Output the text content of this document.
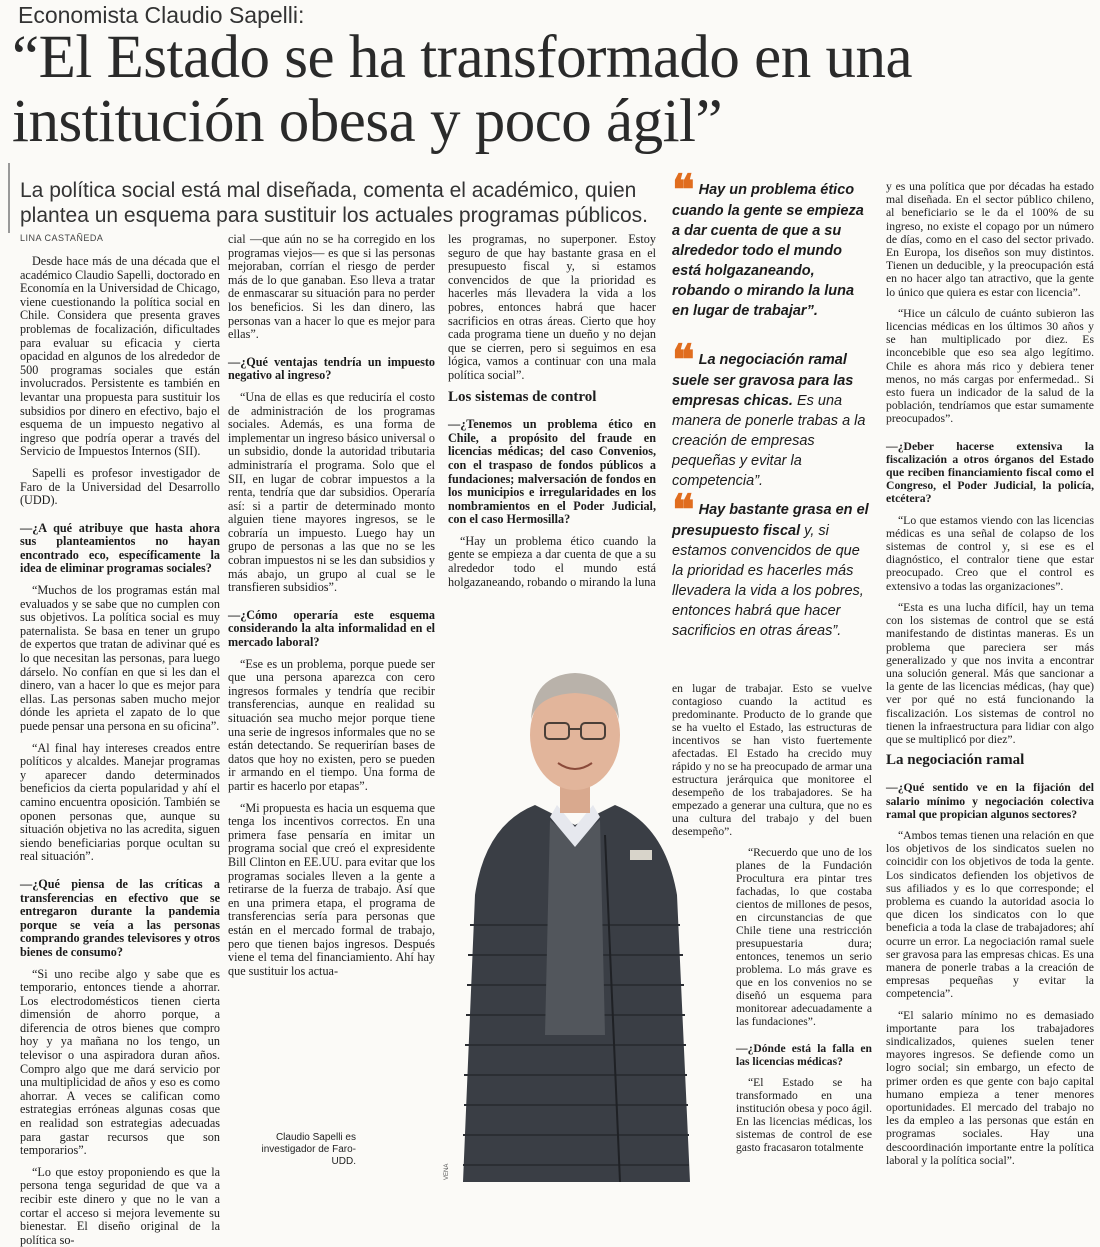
Economista Claudio Sapelli:
“El Estado se ha transformado en una institución obesa y poco ágil”
La política social está mal diseñada, comenta el académico, quien plantea un esquema para sustituir los actuales programas públicos.
LINA CASTAÑEDA

Desde hace más de una década que el académico Claudio Sapelli, doctorado en Economía en la Universidad de Chicago, viene cuestionando la política social en Chile. Considera que presenta graves problemas de focalización, dificultades para evaluar su eficacia y cierta opacidad en algunos de los alrededor de 500 programas sociales que están involucrados. Persistente es también en levantar una propuesta para sustituir los subsidios por dinero en efectivo, bajo el esquema de un impuesto negativo al ingreso que podría operar a través del Servicio de Impuestos Internos (SII).

Sapelli es profesor investigador de Faro de la Universidad del Desarrollo (UDD).

—¿A qué atribuye que hasta ahora sus planteamientos no hayan encontrado eco, específicamente la idea de eliminar programas sociales?

“Muchos de los programas están mal evaluados y se sabe que no cumplen con sus objetivos. La política social es muy paternalista. Se basa en tener un grupo de expertos que tratan de adivinar qué es lo que necesitan las personas, para luego dárselo. No confían en que si les dan el dinero, van a hacer lo que es mejor para ellas. Las personas saben mucho mejor dónde les aprieta el zapato de lo que puede pensar una persona en su oficina”.

“Al final hay intereses creados entre políticos y alcaldes. Manejar programas y aparecer dando determinados beneficios da cierta popularidad y ahí el camino encuentra oposición. También se oponen personas que, aunque su situación objetiva no las acredita, siguen siendo beneficiarias porque ocultan su real situación”.

—¿Qué piensa de las críticas a transferencias en efectivo que se entregaron durante la pandemia porque se veía a las personas comprando grandes televisores y otros bienes de consumo?

“Si uno recibe algo y sabe que es temporario, entonces tiende a ahorrar. Los electrodomésticos tienen cierta dimensión de ahorro porque, a diferencia de otros bienes que compro hoy y ya mañana no los tengo, un televisor o una aspiradora duran años. Compro algo que me dará servicio por una multiplicidad de años y eso es como ahorrar. A veces se califican como estrategias erróneas algunas cosas que en realidad son estrategias adecuadas para gastar recursos que son temporarios”.

“Lo que estoy proponiendo es que la persona tenga seguridad de que va a recibir este dinero y que no le van a cortar el acceso si mejora levemente su bienestar. El diseño original de la política so-

cial —que aún no se ha corregido en los programas viejos— es que si las personas mejoraban, corrían el riesgo de perder más de lo que ganaban. Eso lleva a tratar de enmascarar su situación para no perder los beneficios. Si les dan dinero, las personas van a hacer lo que es mejor para ellas”.

—¿Qué ventajas tendría un impuesto negativo al ingreso?

“Una de ellas es que reduciría el costo de administración de los programas sociales. Además, es una forma de implementar un ingreso básico universal o un subsidio, donde la autoridad tributaria administraría el programa. Solo que el SII, en lugar de cobrar impuestos a la renta, tendría que dar subsidios. Operaría así: si a partir de determinado monto alguien tiene mayores ingresos, se le cobraría un impuesto. Luego hay un grupo de personas a las que no se les cobran impuestos ni se les dan subsidios y más abajo, un grupo al cual se le transfieren subsidios”.

—¿Cómo operaría este esquema considerando la alta informalidad en el mercado laboral?

“Ese es un problema, porque puede ser que una persona aparezca con cero ingresos formales y tendría que recibir transferencias, aunque en realidad su situación sea mucho mejor porque tiene una serie de ingresos informales que no se están detectando. Se requerirían bases de datos que hoy no existen, pero se pueden ir armando en el tiempo. Una forma de partir es hacerlo por etapas”.

“Mi propuesta es hacia un esquema que tenga los incentivos correctos. En una primera fase pensaría en imitar un programa social que creó el expresidente Bill Clinton en EE.UU. para evitar que los programas sociales lleven a la gente a retirarse de la fuerza de trabajo. Así que en una primera etapa, el programa de transferencias sería para personas que están en el mercado formal de trabajo, pero que tienen bajos ingresos. Después viene el tema del financiamiento. Ahí hay que sustituir los actua-

les programas, no superponer. Estoy seguro de que hay bastante grasa en el presupuesto fiscal y, si estamos convencidos de que la prioridad es hacerles más llevadera la vida a los pobres, entonces habrá que hacer sacrificios en otras áreas. Cierto que hoy cada programa tiene un dueño y no dejan que se cierren, pero si seguimos en esa lógica, vamos a continuar con una mala política social”.

Los sistemas de control

—¿Tenemos un problema ético en Chile, a propósito del fraude en licencias médicas; del caso Convenios, con el traspaso de fondos públicos a fundaciones; malversación de fondos en los municipios e irregularidades en los nombramientos en el Poder Judicial, con el caso Hermosilla?

“Hay un problema ético cuando la gente se empieza a dar cuenta de que a su alrededor todo el mundo está holgazaneando, robando o mirando la luna

❝ Hay un problema ético cuando la gente se empieza a dar cuenta de que a su alrededor todo el mundo está holgazaneando, robando o mirando la luna en lugar de trabajar”.
❝ La negociación ramal suele ser gravosa para las empresas chicas. Es una manera de ponerle trabas a la creación de empresas pequeñas y evitar la competencia”.
❝ Hay bastante grasa en el presupuesto fiscal y, si estamos convencidos de que la prioridad es hacerles más llevadera la vida a los pobres, entonces habrá que hacer sacrificios en otras áreas”.

en lugar de trabajar. Esto se vuelve contagioso cuando la actitud es predominante. Producto de lo grande que se ha vuelto el Estado, las estructuras de incentivos se han visto fuertemente afectadas. El Estado ha crecido muy rápido y no se ha preocupado de armar una estructura jerárquica que monitoree el desempeño de los trabajadores. Se ha empezado a generar una cultura, que no es una cultura del trabajo y del buen desempeño”.

“Recuerdo que uno de los planes de la Fundación Procultura era pintar tres fachadas, lo que costaba cientos de millones de pesos, en circunstancias de que Chile tiene una restricción presupuestaria dura; entonces, tenemos un serio problema. Lo más grave es que en los convenios no se diseñó un esquema para monitorear adecuadamente a las fundaciones”.

—¿Dónde está la falla en las licencias médicas?

“El Estado se ha transformado en una institución obesa y poco ágil. En las licencias médicas, los sistemas de control de ese gasto fracasaron totalmente

y es una política que por décadas ha estado mal diseñada. En el sector público chileno, al beneficiario se le da el 100% de su ingreso, no existe el copago por un número de días, como en el caso del sector privado. En Europa, los diseños son muy distintos. Tienen un deducible, y la preocupación está en no hacer algo tan atractivo, que la gente lo único que quiera es estar con licencia”.

“Hice un cálculo de cuánto subieron las licencias médicas en los últimos 30 años y se han multiplicado por diez. Es inconcebible que eso sea algo legítimo. Chile es ahora más rico y debiera tener menos, no más cargas por enfermedad.. Si esto fuera un indicador de la salud de la población, tendríamos que estar sumamente preocupados”.

—¿Deber hacerse extensiva la fiscalización a otros órganos del Estado que reciben financiamiento fiscal como el Congreso, el Poder Judicial, la policía, etcétera?

“Lo que estamos viendo con las licencias médicas es una señal de colapso de los sistemas de control y, si ese es el diagnóstico, el contralor tiene que estar preocupado. Creo que el control es extensivo a todas las organizaciones”.

“Esta es una lucha difícil, hay un tema con los sistemas de control que se está manifestando de distintas maneras. Es un problema que pareciera ser más generalizado y que nos invita a encontrar una solución general. Más que sancionar a la gente de las licencias médicas, (hay que) ver por qué no está funcionando la fiscalización. Los sistemas de control no tienen la infraestructura para lidiar con algo que se multiplicó por diez”.

La negociación ramal

—¿Qué sentido ve en la fijación del salario mínimo y negociación colectiva ramal que propician algunos sectores?

“Ambos temas tienen una relación en que los objetivos de los sindicatos suelen no coincidir con los objetivos de toda la gente. Los sindicatos defienden los objetivos de sus afiliados y es lo que corresponde; el problema es cuando la autoridad asocia lo que dicen los sindicatos con lo que beneficia a toda la clase de trabajadores; ahí ocurre un error. La negociación ramal suele ser gravosa para las empresas chicas. Es una manera de ponerle trabas a la creación de empresas pequeñas y evitar la competencia”.

“El salario mínimo no es demasiado importante para los trabajadores sindicalizados, quienes suelen tener mayores ingresos. Se defiende como un logro social; sin embargo, un efecto de primer orden es que gente con bajo capital humano empieza a tener menores oportunidades. El mercado del trabajo no les da empleo a las personas que están en programas sociales. Hay una descoordinación importante entre la política laboral y la política social”.

Claudio Sapelli es investigador de Faro-UDD.
VENA
